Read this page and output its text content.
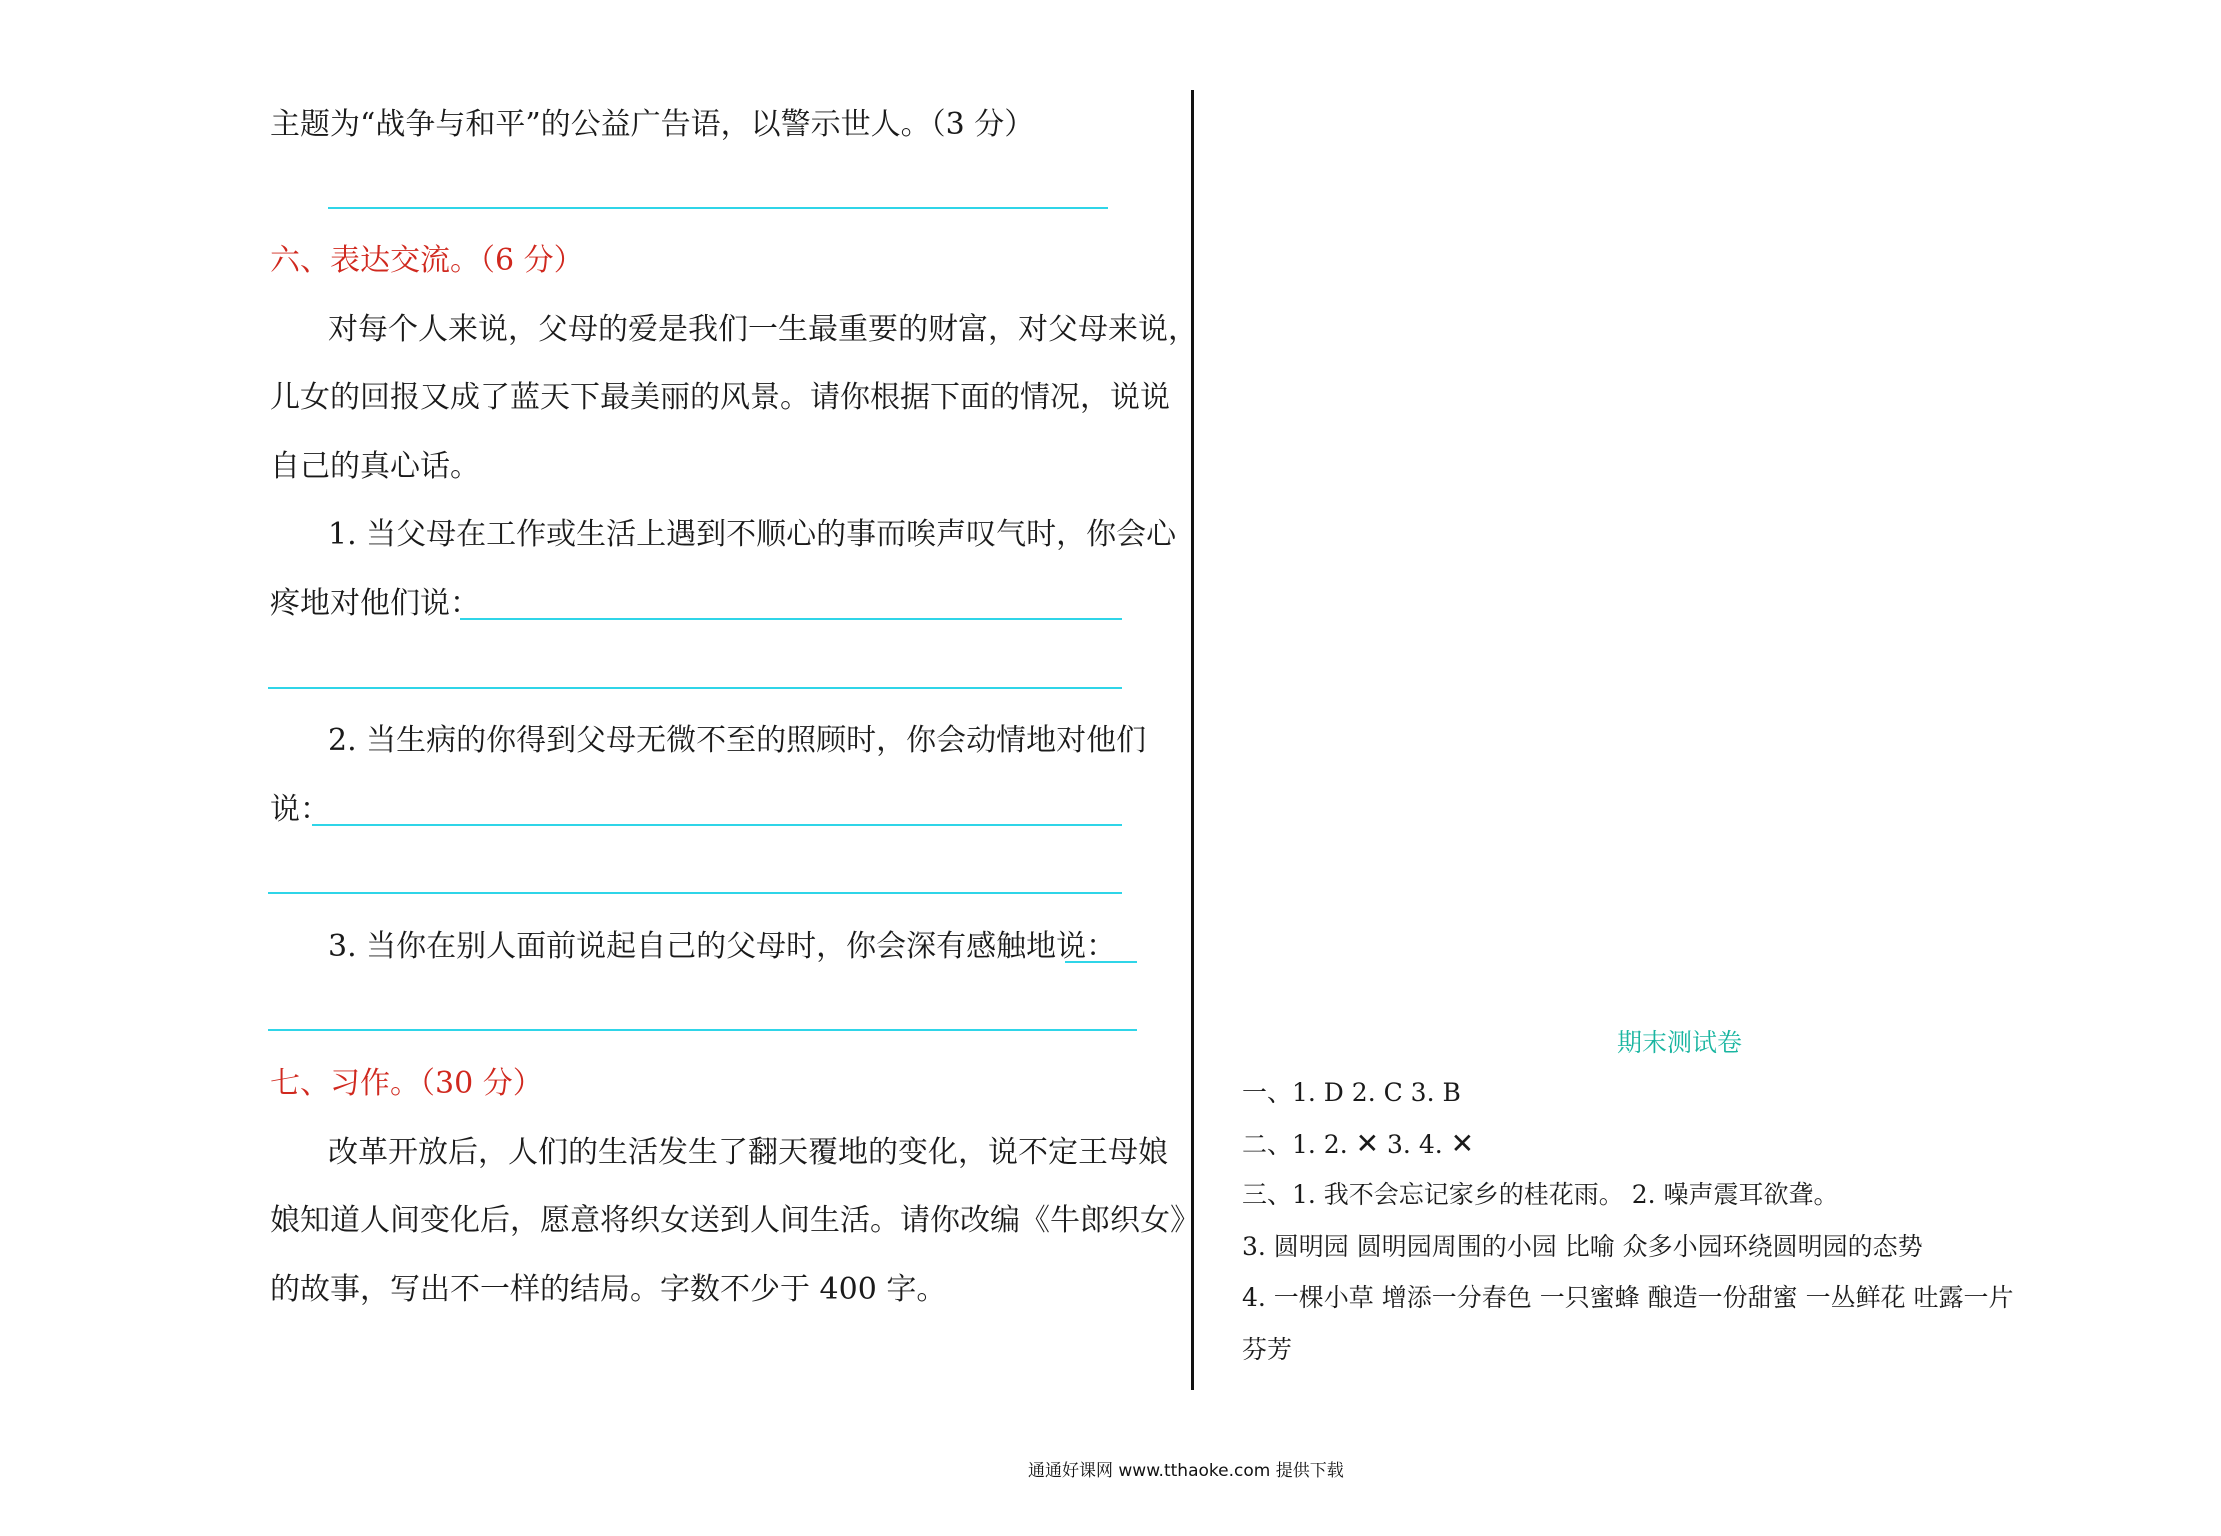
主题为“战争与和平”的公益广告语，以警示世人。（3 分）
六、表达交流。（6 分）
对每个人来说，父母的爱是我们一生最重要的财富，对父母来说，
儿女的回报又成了蓝天下最美丽的风景。请你根据下面的情况，说说
自己的真心话。
1. 当父母在工作或生活上遇到不顺心的事而唉声叹气时，你会心
疼地对他们说：
2. 当生病的你得到父母无微不至的照顾时，你会动情地对他们
说：
3. 当你在别人面前说起自己的父母时，你会深有感触地说：
七、习作。（30 分）
改革开放后，人们的生活发生了翻天覆地的变化，说不定王母娘
娘知道人间变化后，愿意将织女送到人间生活。请你改编《牛郎织女》
的故事，写出不一样的结局。字数不少于 400 字。
期末测试卷
一、1. D 2. C 3. B
二、1. 2. ✕ 3. 4. ✕
三、1. 我不会忘记家乡的桂花雨。 2. 噪声震耳欲聋。
3. 圆明园 圆明园周围的小园 比喻 众多小园环绕圆明园的态势
4. 一棵小草 增添一分春色 一只蜜蜂 酿造一份甜蜜 一丛鲜花 吐露一片
芬芳
通通好课网 www.tthaoke.com 提供下载
